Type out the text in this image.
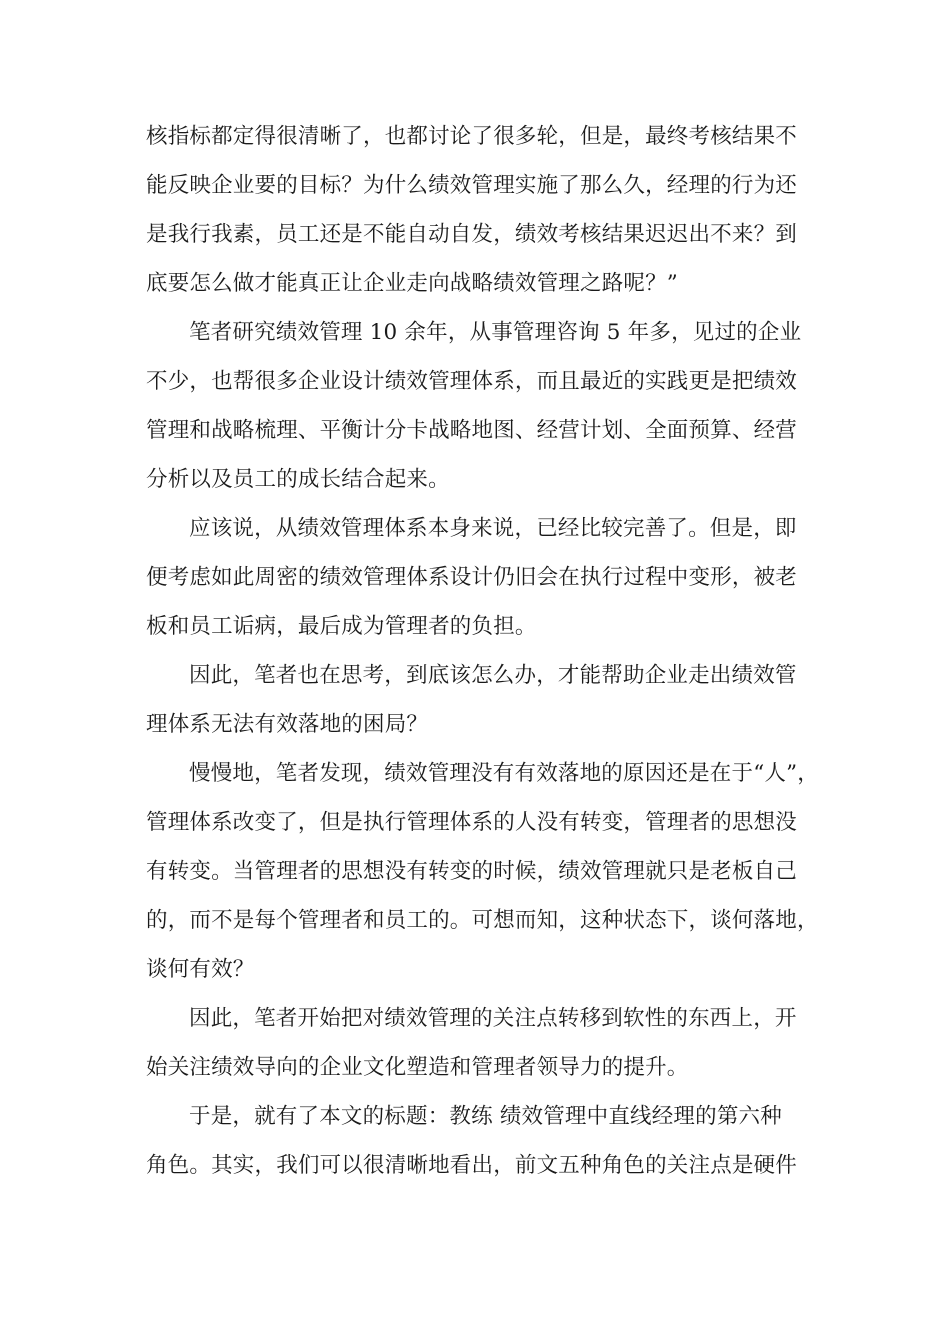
核指标都定得很清晰了，也都讨论了很多轮，但是，最终考核结果不
能反映企业要的目标？为什么绩效管理实施了那么久，经理的行为还
是我行我素，员工还是不能自动自发，绩效考核结果迟迟出不来？到
底要怎么做才能真正让企业走向战略绩效管理之路呢？”
笔者研究绩效管理 10 余年，从事管理咨询 5 年多，见过的企业
不少，也帮很多企业设计绩效管理体系，而且最近的实践更是把绩效
管理和战略梳理、平衡计分卡战略地图、经营计划、全面预算、经营
分析以及员工的成长结合起来。
应该说，从绩效管理体系本身来说，已经比较完善了。但是，即
便考虑如此周密的绩效管理体系设计仍旧会在执行过程中变形，被老
板和员工诟病，最后成为管理者的负担。
因此，笔者也在思考，到底该怎么办，才能帮助企业走出绩效管
理体系无法有效落地的困局？
慢慢地，笔者发现，绩效管理没有有效落地的原因还是在于“人”，
管理体系改变了，但是执行管理体系的人没有转变，管理者的思想没
有转变。当管理者的思想没有转变的时候，绩效管理就只是老板自己
的，而不是每个管理者和员工的。可想而知，这种状态下，谈何落地，
谈何有效？
因此，笔者开始把对绩效管理的关注点转移到软性的东西上，开
始关注绩效导向的企业文化塑造和管理者领导力的提升。
于是，就有了本文的标题：教练 绩效管理中直线经理的第六种
角色。其实，我们可以很清晰地看出，前文五种角色的关注点是硬件
